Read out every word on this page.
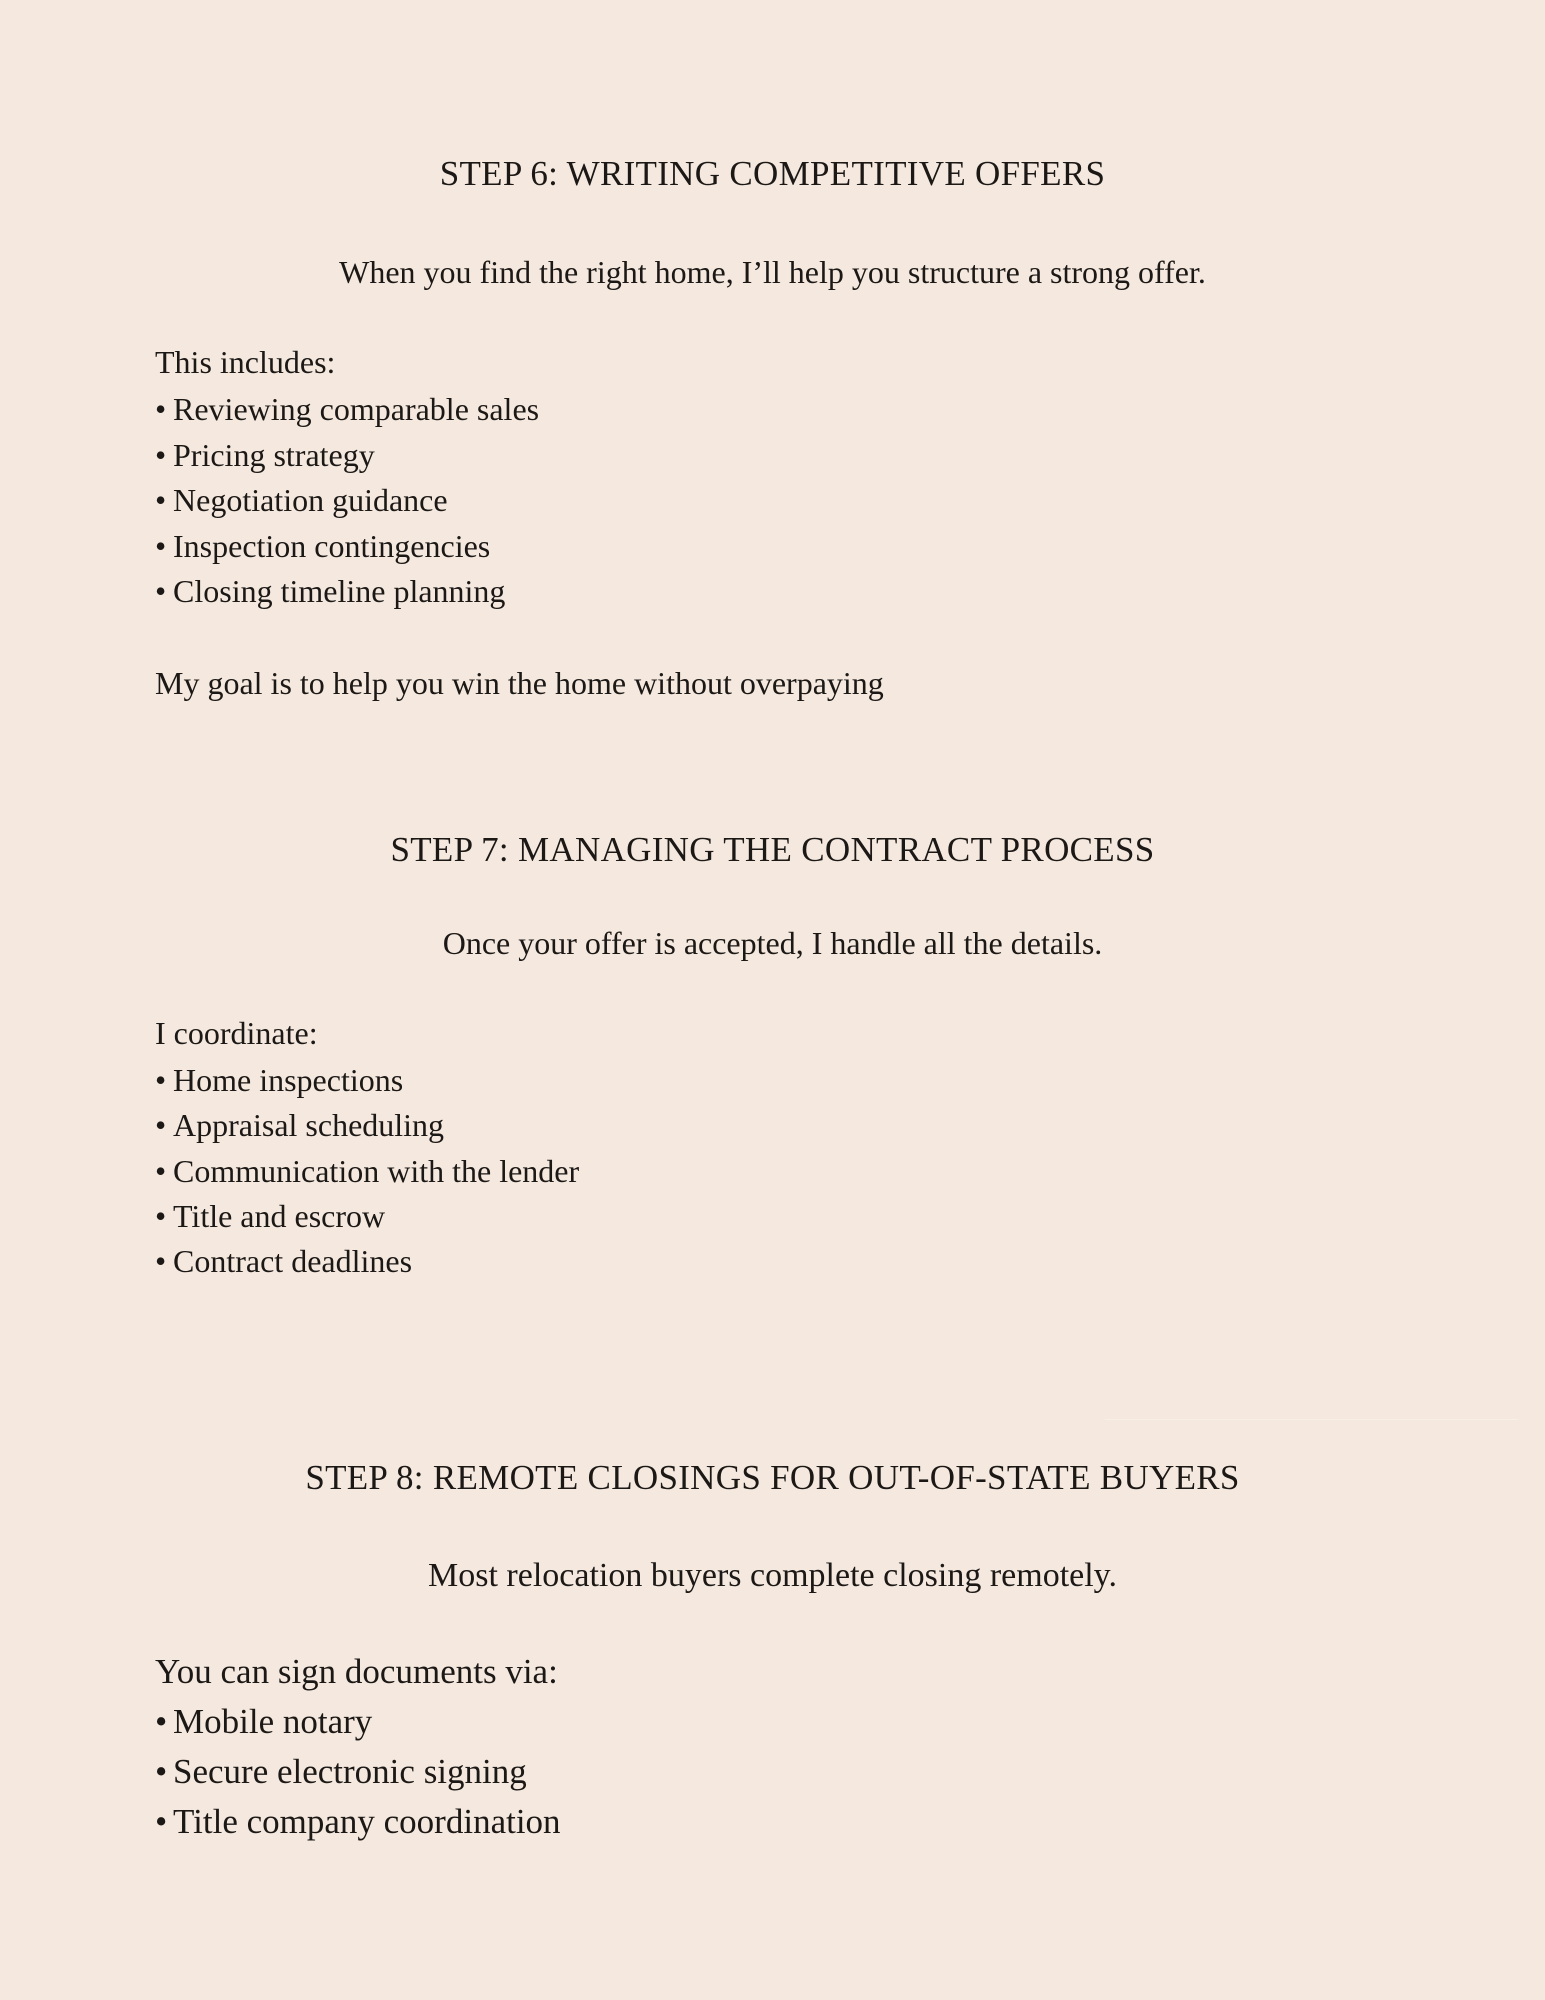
STEP 6: WRITING COMPETITIVE OFFERS

When you find the right home, I’ll help you structure a strong offer.

This includes:

• Reviewing comparable sales
• Pricing strategy
• Negotiation guidance
• Inspection contingencies
• Closing timeline planning

My goal is to help you win the home without overpaying

STEP 7: MANAGING THE CONTRACT PROCESS

Once your offer is accepted, I handle all the details.

I coordinate:

• Home inspections
• Appraisal scheduling
• Communication with the lender
• Title and escrow
• Contract deadlines
STEP 8: REMOTE CLOSINGS FOR OUT-OF-STATE BUYERS

Most relocation buyers complete closing remotely.

You can sign documents via:

• Mobile notary
• Secure electronic signing
• Title company coordination
